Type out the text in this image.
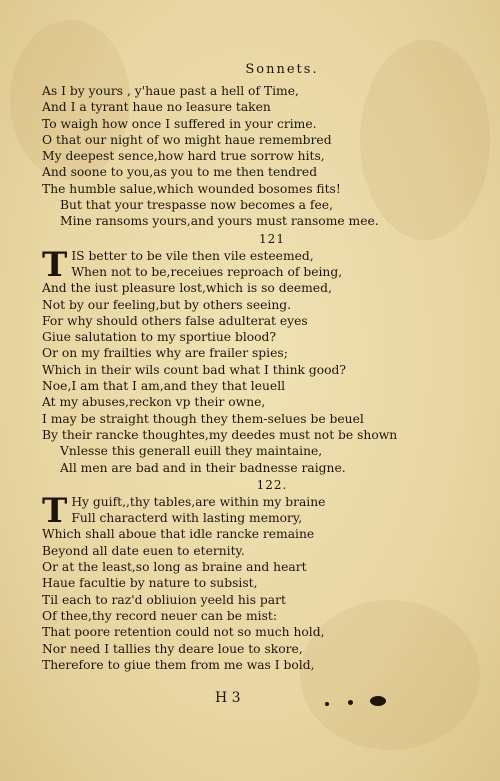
Sonnets.
As I by yours , y'haue past a hell of Time,
And I a tyrant haue no leasure taken
To waigh how once I suffered in your crime.
O that our night of wo might haue remembred
My deepest sence,how hard true sorrow hits,
And soone to you,as you to me then tendred
The humble salue,which wounded bosomes fits!
But that your trespasse now becomes a fee,
Mine ransoms yours,and yours must ransome mee.
121
T IS better to be vile then vile esteemed,
When not to be,receiues reproach of being,
And the iust pleasure lost,which is so deemed,
Not by our feeling,but by others seeing.
For why should others false adulterat eyes
Giue salutation to my sportiue blood?
Or on my frailties why are frailer spies;
Which in their wils count bad what I think good?
Noe,I am that I am,and they that leuell
At my abuses,reckon vp their owne,
I may be straight though they them-selues be beuel
By their rancke thoughtes,my deedes must not be shown
Vnlesse this generall euill they maintaine,
All men are bad and in their badnesse raigne.
122.
T Hy guift,,thy tables,are within my braine
Full characterd with lasting memory,
Which shall aboue that idle rancke remaine
Beyond all date euen to eternity.
Or at the least,so long as braine and heart
Haue facultie by nature to subsist,
Til each to raz'd obliuion yeeld his part
Of thee,thy record neuer can be mist:
That poore retention could not so much hold,
Nor need I tallies thy deare loue to skore,
Therefore to giue them from me was I bold,
H 3
